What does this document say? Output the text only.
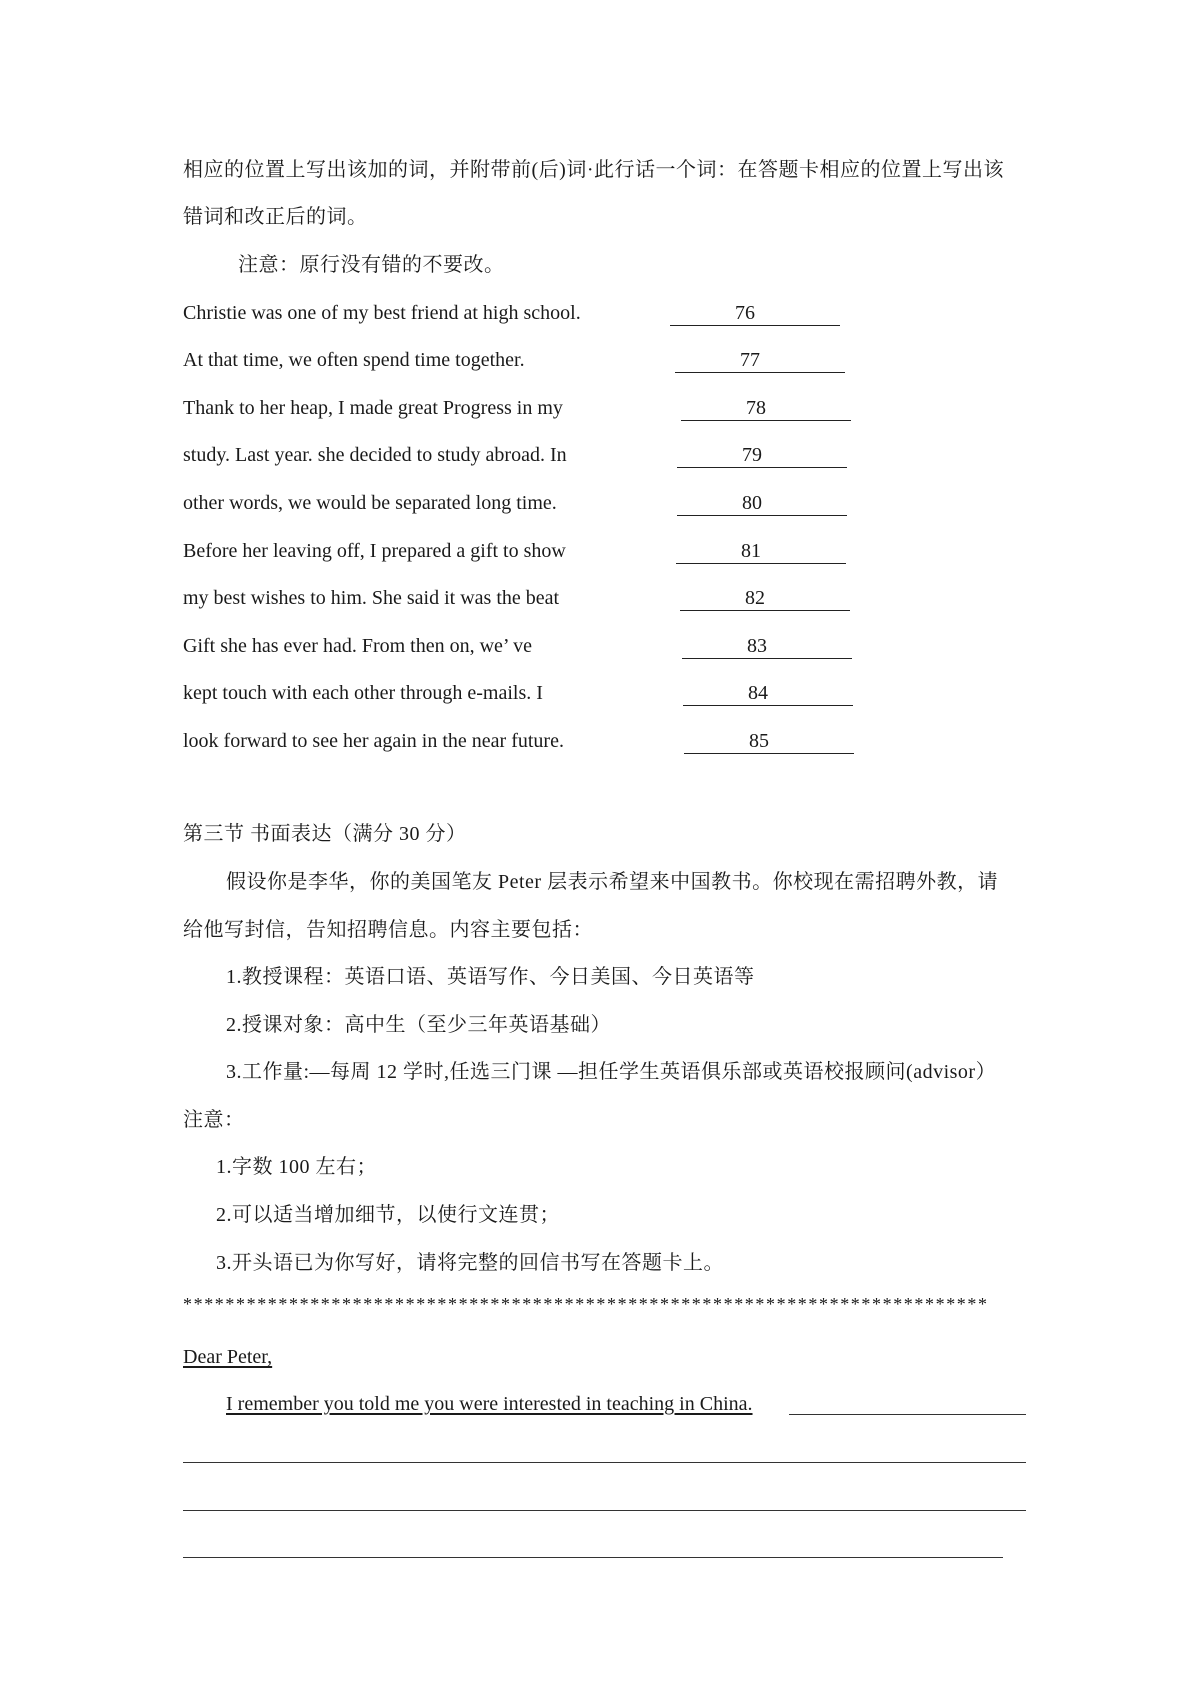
相应的位置上写出该加的词，并附带前(后)词·此行话一个词：在答题卡相应的位置上写出该
错词和改正后的词。
注意：原行没有错的不要改。
Christie was one of my best friend at high school.	76
At that time, we often spend time together.	77
Thank to her heap, I made great Progress in my	78
study. Last year. she decided to study abroad. In	79
other words, we would be separated long time.	80
Before her leaving off, I prepared a gift to show	81
my best wishes to him. She said it was the beat	82
Gift she has ever had. From then on, we’ ve	83
kept touch with each other through e-mails. I	84
look forward to see her again in the near future.	85
第三节 书面表达（满分 30 分）
假设你是李华，你的美国笔友 Peter 层表示希望来中国教书。你校现在需招聘外教，请
给他写封信，告知招聘信息。内容主要包括：
1.教授课程：英语口语、英语写作、今日美国、今日英语等
2.授课对象：高中生（至少三年英语基础）
3.工作量:—每周 12 学时,任选三门课 —担任学生英语俱乐部或英语校报顾问(advisor）
注意：
1.字数 100 左右；
2.可以适当增加细节，以使行文连贯；
3.开头语已为你写好，请将完整的回信书写在答题卡上。
****************************************************************************
Dear Peter,
I remember you told me you were interested in teaching in China.
